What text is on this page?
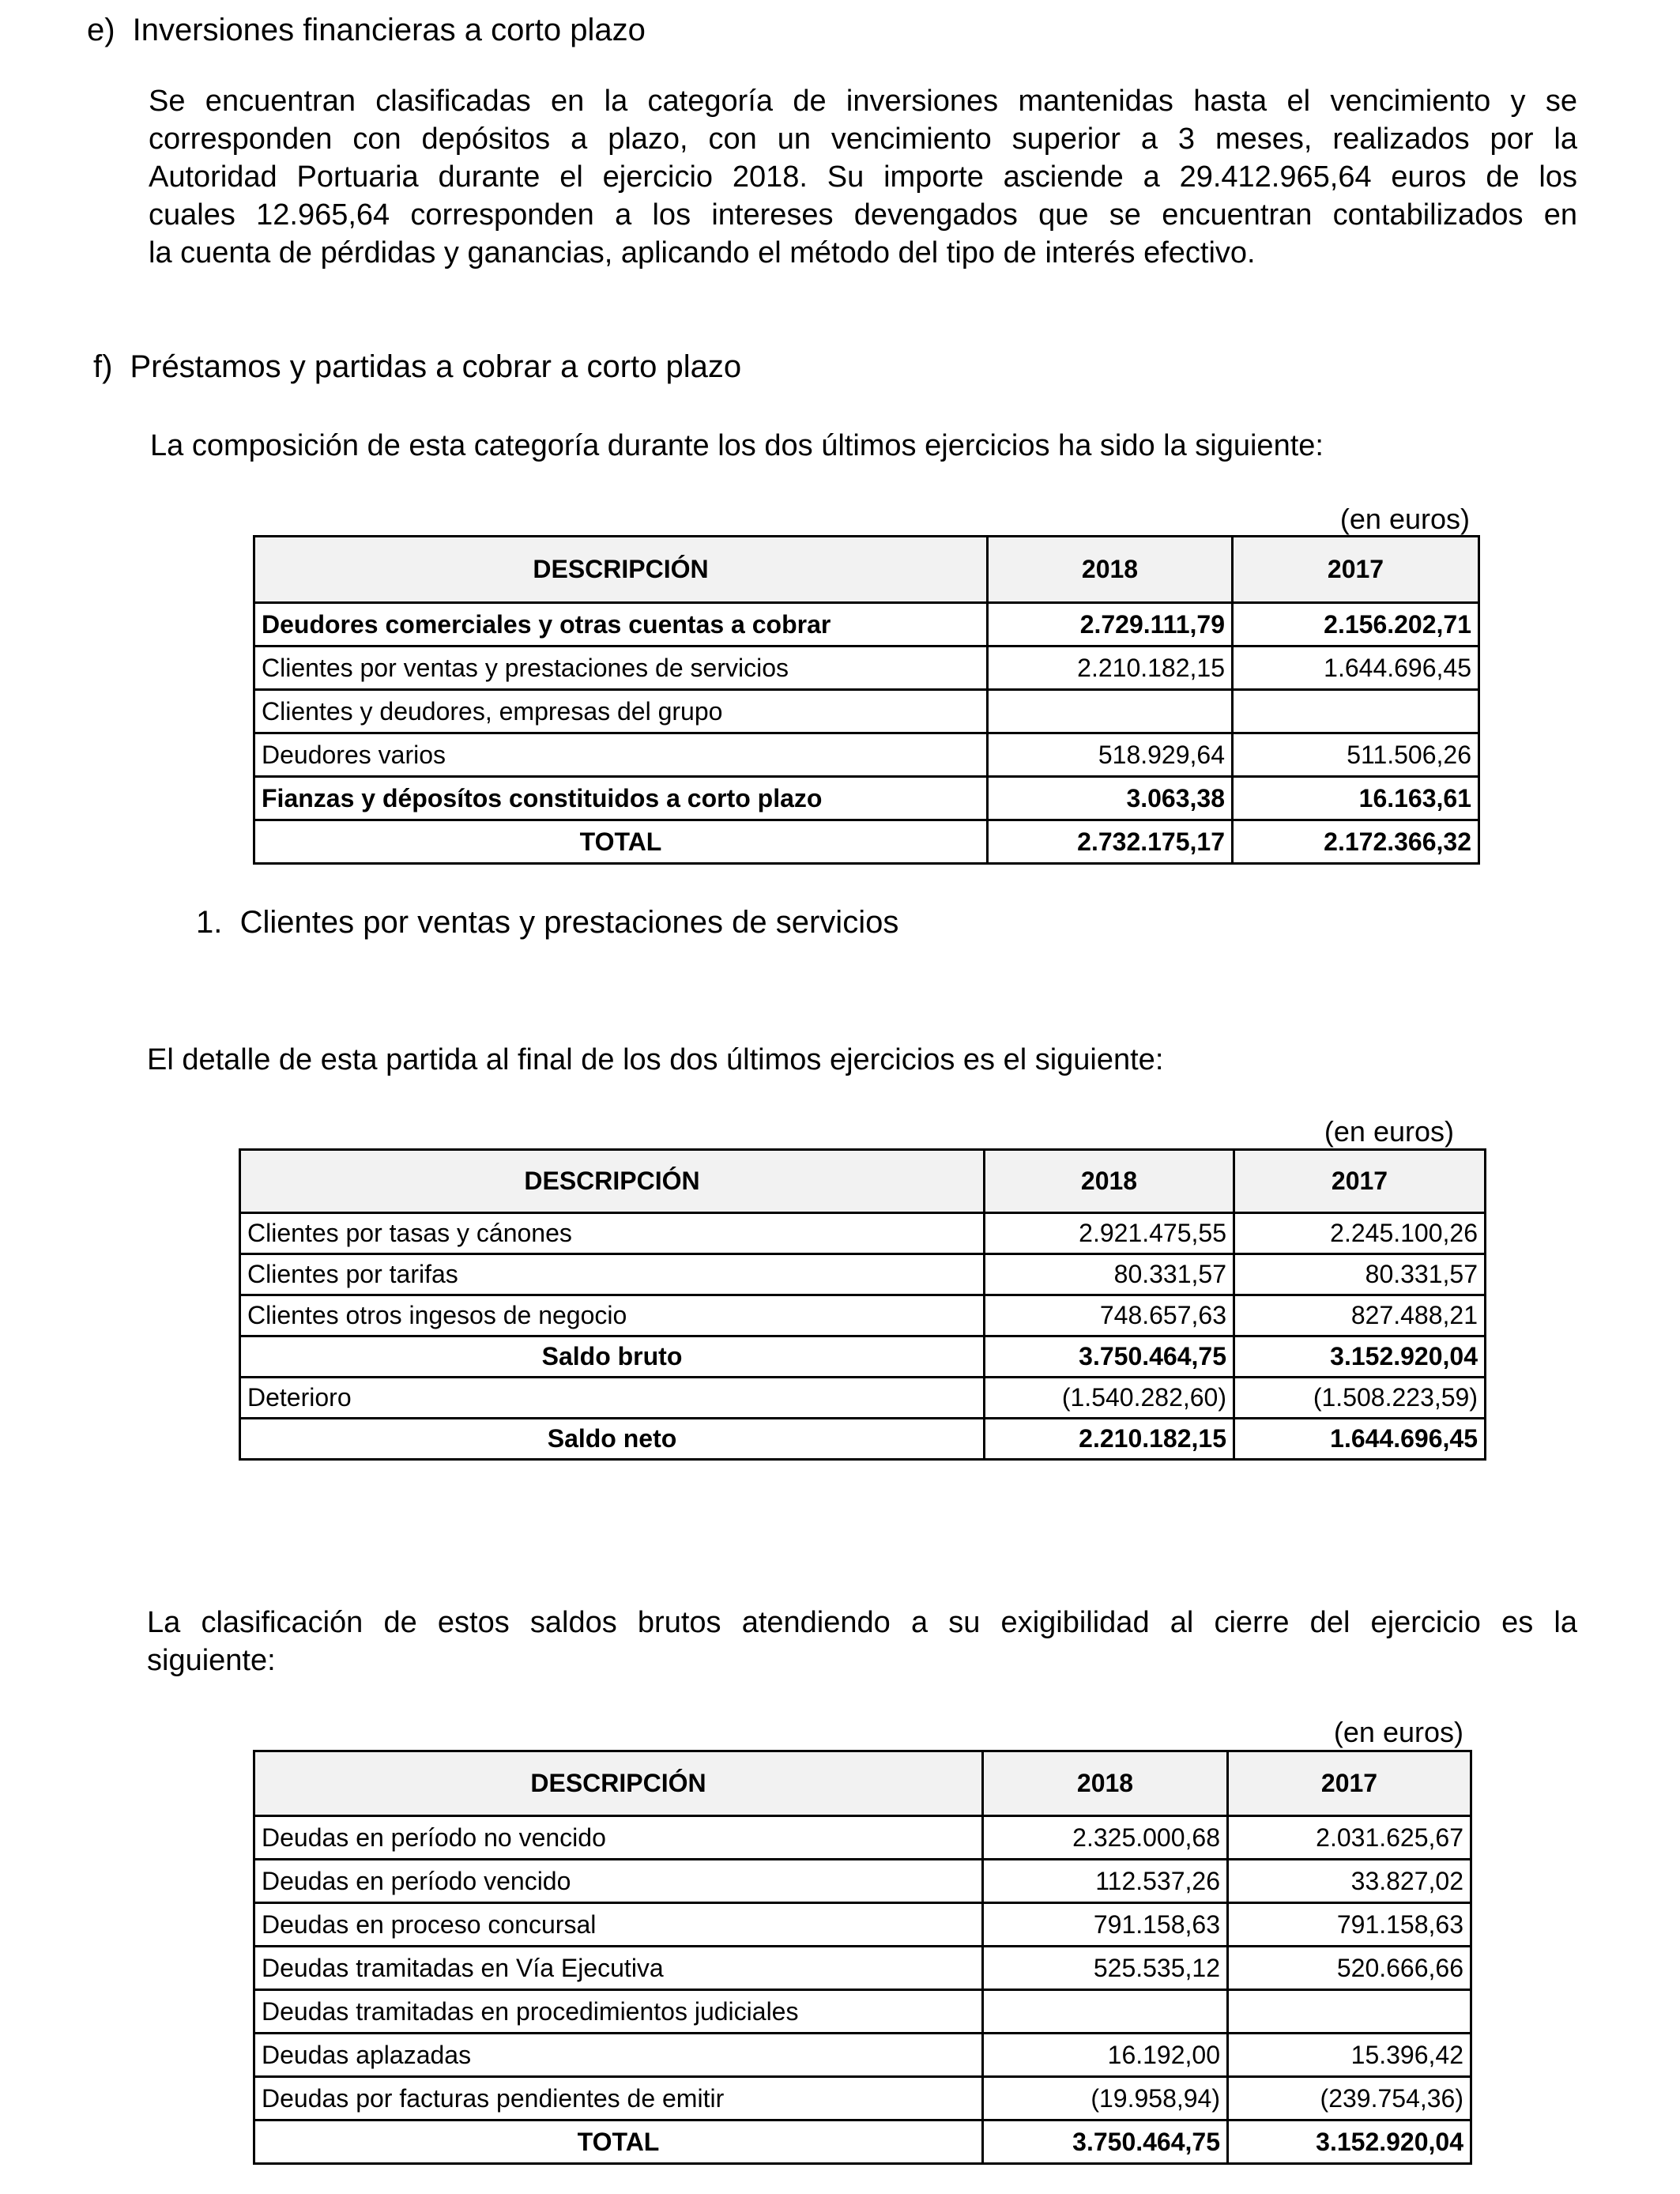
e) Inversiones financieras a corto plazo
Se encuentran clasificadas en la categoría de inversiones mantenidas hasta el vencimiento y se
corresponden con depósitos a plazo, con un vencimiento superior a 3 meses, realizados por la
Autoridad Portuaria durante el ejercicio 2018. Su importe asciende a 29.412.965,64 euros de los
cuales 12.965,64 corresponden a los intereses devengados que se encuentran contabilizados en
la cuenta de pérdidas y ganancias, aplicando el método del tipo de interés efectivo.
f) Préstamos y partidas a cobrar a corto plazo
La composición de esta categoría durante los dos últimos ejercicios ha sido la siguiente:
(en euros)
DESCRIPCIÓN	2018	2017
Deudores comerciales y otras cuentas a cobrar	2.729.111,79	2.156.202,71
Clientes por ventas y prestaciones de servicios	2.210.182,15	1.644.696,45
Clientes y deudores, empresas del grupo		
Deudores varios	518.929,64	511.506,26
Fianzas y déposítos constituidos a corto plazo	3.063,38	16.163,61
TOTAL	2.732.175,17	2.172.366,32
1. Clientes por ventas y prestaciones de servicios
El detalle de esta partida al final de los dos últimos ejercicios es el siguiente:
(en euros)
DESCRIPCIÓN	2018	2017
Clientes por tasas y cánones	2.921.475,55	2.245.100,26
Clientes por tarifas	80.331,57	80.331,57
Clientes otros ingesos de negocio	748.657,63	827.488,21
Saldo bruto	3.750.464,75	3.152.920,04
Deterioro	(1.540.282,60)	(1.508.223,59)
Saldo neto	2.210.182,15	1.644.696,45
La clasificación de estos saldos brutos atendiendo a su exigibilidad al cierre del ejercicio es la
siguiente:
(en euros)
DESCRIPCIÓN	2018	2017
Deudas en período no vencido	2.325.000,68	2.031.625,67
Deudas en período vencido	112.537,26	33.827,02
Deudas en proceso concursal	791.158,63	791.158,63
Deudas tramitadas en Vía Ejecutiva	525.535,12	520.666,66
Deudas tramitadas en procedimientos judiciales		
Deudas aplazadas	16.192,00	15.396,42
Deudas por facturas pendientes de emitir	(19.958,94)	(239.754,36)
TOTAL	3.750.464,75	3.152.920,04
